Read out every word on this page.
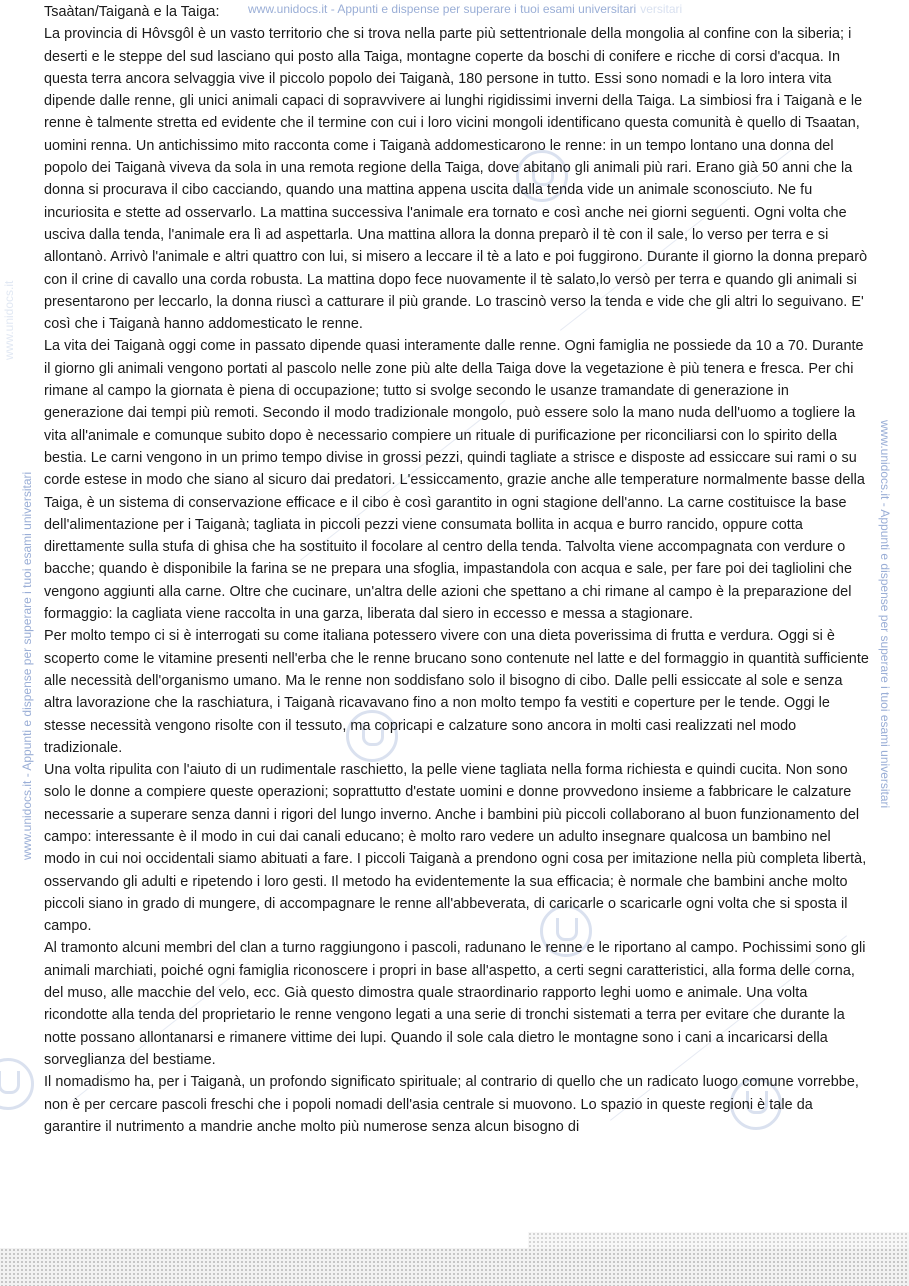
www.unidocs.it - Appunti e dispense per superare i tuoi esami universitari versitari
www.unidocs.it - Appunti e dispense per superare i tuoi esami universitari	www.unidocs.it - Appunti e dispense per superare i tuoi esami universitari
www.unidocs.it

Tsaàtan/Taiganà e la Taiga:

La provincia di Hôvsgôl è un vasto territorio che si trova nella parte più settentrionale della mongolia al confine con la siberia; i deserti e le steppe del sud lasciano qui posto alla Taiga, montagne coperte da boschi di conifere e ricche di corsi d'acqua. In questa terra ancora selvaggia vive il piccolo popolo dei Taiganà, 180 persone in tutto. Essi sono nomadi e la loro intera vita dipende dalle renne, gli unici animali capaci di sopravvivere ai lunghi rigidissimi inverni della Taiga. La simbiosi fra i Taiganà e le renne è talmente stretta ed evidente che il termine con cui i loro vicini mongoli identificano questa comunità è quello di Tsaatan, uomini renna. Un antichissimo mito racconta come i Taiganà addomesticarono le renne: in un tempo lontano una donna del popolo dei Taiganà viveva da sola in una remota regione della Taiga, dove abitano gli animali più rari. Erano già 50 anni che la donna si procurava il cibo cacciando, quando una mattina appena uscita dalla tenda vide un animale sconosciuto. Ne fu incuriosita e stette ad osservarlo. La mattina successiva l'animale era tornato e così anche nei giorni seguenti. Ogni volta che usciva dalla tenda, l'animale era lì ad aspettarla. Una mattina allora la donna preparò il tè con il sale, lo verso per terra e si allontanò. Arrivò l'animale e altri quattro con lui, si misero a leccare il tè a lato e poi fuggirono. Durante il giorno la donna preparò con il crine di cavallo una corda robusta. La mattina dopo fece nuovamente il tè salato,lo versò per terra e quando gli animali si presentarono per leccarlo, la donna riuscì a catturare il più grande. Lo trascinò verso la tenda e vide che gli altri lo seguivano. E' così che i Taiganà hanno addomesticato le renne.

La vita dei Taiganà oggi come in passato dipende quasi interamente dalle renne. Ogni famiglia ne possiede da 10 a 70. Durante il giorno gli animali vengono portati al pascolo nelle zone più alte della Taiga dove la vegetazione è più tenera e fresca. Per chi rimane al campo la giornata è piena di occupazione; tutto si svolge secondo le usanze tramandate di generazione in generazione dai tempi più remoti. Secondo il modo tradizionale mongolo, può essere solo la mano nuda dell'uomo a togliere la vita all'animale e comunque subito dopo è necessario compiere un rituale di purificazione per riconciliarsi con lo spirito della bestia. Le carni vengono in un primo tempo divise in grossi pezzi, quindi tagliate a strisce e disposte ad essiccare sui rami o su corde estese in modo che siano al sicuro dai predatori. L'essiccamento, grazie anche alle temperature normalmente basse della Taiga, è un sistema di conservazione efficace e il cibo è così garantito in ogni stagione dell'anno. La carne costituisce la base dell'alimentazione per i Taiganà; tagliata in piccoli pezzi viene consumata bollita in acqua e burro rancido, oppure cotta direttamente sulla stufa di ghisa che ha sostituito il focolare al centro della tenda. Talvolta viene accompagnata con verdure o bacche; quando è disponibile la farina se ne prepara una sfoglia, impastandola con acqua e sale, per fare poi dei tagliolini che vengono aggiunti alla carne. Oltre che cucinare, un'altra delle azioni che spettano a chi rimane al campo è la preparazione del formaggio: la cagliata viene raccolta in una garza, liberata dal siero in eccesso e messa a stagionare.

Per molto tempo ci si è interrogati su come italiana potessero vivere con una dieta poverissima di frutta e verdura. Oggi si è scoperto come le vitamine presenti nell'erba che le renne brucano sono contenute nel latte e del formaggio in quantità sufficiente alle necessità dell'organismo umano. Ma le renne non soddisfano solo il bisogno di cibo. Dalle pelli essiccate al sole e senza altra lavorazione che la raschiatura, i Taiganà ricavavano fino a non molto tempo fa vestiti e coperture per le tende. Oggi le stesse necessità vengono risolte con il tessuto, ma copricapi e calzature sono ancora in molti casi realizzati nel modo tradizionale.

Una volta ripulita con l'aiuto di un rudimentale raschietto, la pelle viene tagliata nella forma richiesta e quindi cucita. Non sono solo le donne a compiere queste operazioni; soprattutto d'estate uomini e donne provvedono insieme a fabbricare le calzature necessarie a superare senza danni i rigori del lungo inverno. Anche i bambini più piccoli collaborano al buon funzionamento del campo: interessante è il modo in cui dai canali educano; è molto raro vedere un adulto insegnare qualcosa un bambino nel modo in cui noi occidentali siamo abituati a fare. I piccoli Taiganà a prendono ogni cosa per imitazione nella più completa libertà, osservando gli adulti e ripetendo i loro gesti. Il metodo ha evidentemente la sua efficacia; è normale che bambini anche molto piccoli siano in grado di mungere, di accompagnare le renne all'abbeverata, di caricarle o scaricarle ogni volta che si sposta il campo.

Al tramonto alcuni membri del clan a turno raggiungono i pascoli, radunano le renne e le riportano al campo. Pochissimi sono gli animali marchiati, poiché ogni famiglia riconoscere i propri in base all'aspetto, a certi segni caratteristici, alla forma delle corna, del muso, alle macchie del velo, ecc. Già questo dimostra quale straordinario rapporto leghi uomo e animale. Una volta ricondotte alla tenda del proprietario le renne vengono legati a una serie di tronchi sistemati a terra per evitare che durante la notte possano allontanarsi e rimanere vittime dei lupi. Quando il sole cala dietro le montagne sono i cani a incaricarsi della sorveglianza del bestiame.

Il nomadismo ha, per i Taiganà, un profondo significato spirituale; al contrario di quello che un radicato luogo comune vorrebbe, non è per cercare pascoli freschi che i popoli nomadi dell'asia centrale si muovono. Lo spazio in queste regioni è tale da garantire il nutrimento a mandrie anche molto più numerose senza alcun bisogno di
